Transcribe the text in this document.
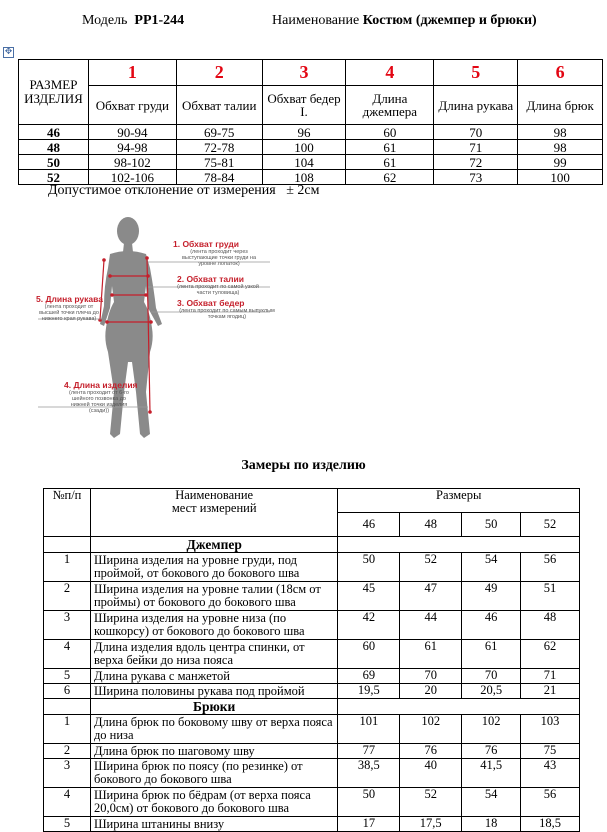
Модель PP1-244	Наименование Костюм (джемпер и брюки)
✥
РАЗМЕР ИЗДЕЛИЯ	1	2	3	4	5	6
	Обхват груди	Обхват талии	Обхват бедер I.	Длина джемпера	Длина рукава	Длина брюк
46	90-94	69-75	96	60	70	98
48	94-98	72-78	100	61	71	98
50	98-102	75-81	104	61	72	99
52	102-106	78-84	108	62	73	100
Допустимое отклонение от измерения   ± 2см
1. Обхват груди
(лента проходит через выступающие точки груди на уровне лопаток)
2. Обхват талии
(лента проходит по самой узкой части туловища)
3. Обхват бедер
(лента проходит по самым выпуклым точкам ягодиц)
5. Длина рукава
(лента проходит от высшей точки плеча до нижнего края рукава)
4. Длина изделия
(лента проходит от 6-го шейного позвонка до нижней точки изделия (сзади))
Замеры по изделию
№п/п	Наименование
мест измерений	Размеры			
		46	48	50	52
	Джемпер				
1	Ширина изделия на уровне груди, под проймой, от бокового до бокового шва	50	52	54	56
2	Ширина изделия на уровне талии (18см от проймы) от бокового до бокового шва	45	47	49	51
3	Ширина изделия на уровне низа (по кошкорсу) от бокового до бокового шва	42	44	46	48
4	Длина изделия вдоль центра спинки, от верха бейки до низа пояса	60	61	61	62
5	Длина рукава с манжетой	69	70	70	71
6	Ширина половины рукава под проймой	19,5	20	20,5	21
	Брюки				
1	Длина брюк по боковому шву от верха пояса до низа	101	102	102	103
2	Длина брюк по шаговому шву	77	76	76	75
3	Ширина брюк по поясу (по резинке) от бокового до бокового шва	38,5	40	41,5	43
4	Ширина брюк по бёдрам (от верха пояса 20,0см) от бокового до бокового шва	50	52	54	56
5	Ширина штанины внизу	17	17,5	18	18,5
